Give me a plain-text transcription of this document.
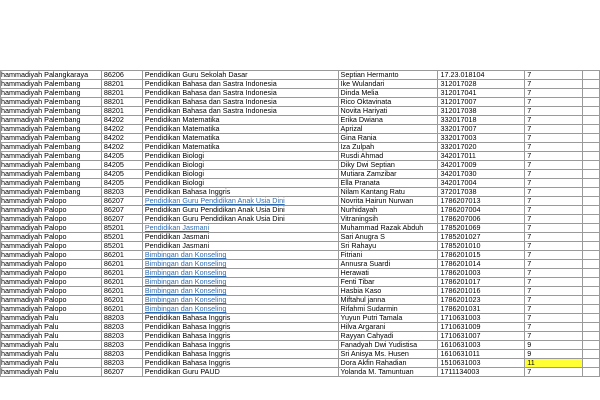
hammadiyah Palangkaraya	86206	Pendidikan Guru Sekolah Dasar	Septian Hermanto	17.23.018104	7	
hammadiyah Palembang	88201	Pendidikan Bahasa dan Sastra Indonesia	Ike Wulandari	312017028	7	
hammadiyah Palembang	88201	Pendidikan Bahasa dan Sastra Indonesia	Dinda Melia	312017041	7	
hammadiyah Palembang	88201	Pendidikan Bahasa dan Sastra Indonesia	Rico Oktavinata	312017007	7	
hammadiyah Palembang	88201	Pendidikan Bahasa dan Sastra Indonesia	Novita Hariyati	312017038	7	
hammadiyah Palembang	84202	Pendidikan Matematika	Erika Dwiana	332017018	7	
hammadiyah Palembang	84202	Pendidikan Matematika	Aprizal	332017007	7	
hammadiyah Palembang	84202	Pendidikan Matematika	Gina Rania	332017003	7	
hammadiyah Palembang	84202	Pendidikan Matematika	Iza Zulpah	332017020	7	
hammadiyah Palembang	84205	Pendidikan Biologi	Rusdi Ahmad	342017011	7	
hammadiyah Palembang	84205	Pendidikan Biologi	Diky Dwi Septian	342017009	7	
hammadiyah Palembang	84205	Pendidikan Biologi	Mutiara Zamzibar	342017030	7	
hammadiyah Palembang	84205	Pendidikan Biologi	Ella Pranata	342017004	7	
hammadiyah Palembang	88203	Pendidikan Bahasa Inggris	Nilam Kantang Ratu	372017038	7	
hammadiyah Palopo	86207	Pendidikan Guru Pendidikan Anak Usia Dini	Novrita Hairun Nurwan	1786207013	7	
hammadiyah Palopo	86207	Pendidikan Guru Pendidikan Anak Usia Dini	Nurhidayah	1786207004	7	
hammadiyah Palopo	86207	Pendidikan Guru Pendidikan Anak Usia Dini	Vitraningsih	1786207006	7	
hammadiyah Palopo	85201	Pendidikan Jasmani	Muhammad Razak Abduh	1785201069	7	
hammadiyah Palopo	85201	Pendidikan Jasmani	Sari Anugra S	1785201027	7	
hammadiyah Palopo	85201	Pendidikan Jasmani	Sri Rahayu	1785201010	7	
hammadiyah Palopo	86201	Bimbingan dan Konseling	Fitriani	1786201015	7	
hammadiyah Palopo	86201	Bimbingan dan Konseling	Annusra Suardi	1786201014	7	
hammadiyah Palopo	86201	Bimbingan dan Konseling	Herawati	1786201003	7	
hammadiyah Palopo	86201	Bimbingan dan Konseling	Fenti Tibar	1786201017	7	
hammadiyah Palopo	86201	Bimbingan dan Konseling	Hasbia Kaso	1786201016	7	
hammadiyah Palopo	86201	Bimbingan dan Konseling	Miftahul janna	1786201023	7	
hammadiyah Palopo	86201	Bimbingan dan Konseling	Rifahmi Sudarmin	1786201031	7	
hammadiyah Palu	88203	Pendidikan Bahasa Inggris	Yuyun Putri Tamala	1710631003	7	
hammadiyah Palu	88203	Pendidikan Bahasa Inggris	Hilva Argarani	1710631009	7	
hammadiyah Palu	88203	Pendidikan Bahasa Inggris	Rayyan Cahyadi	1710631007	7	
hammadiyah Palu	88203	Pendidikan Bahasa Inggris	Fanadyah Dwi Yudistisa	1610631003	9	
hammadiyah Palu	88203	Pendidikan Bahasa Inggris	Sri Anisya Ms. Husen	1610631011	9	
hammadiyah Palu	88203	Pendidikan Bahasa Inggris	Dora Akfin Rahadian	1510631003	11	
hammadiyah Palu	86207	Pendidikan Guru PAUD	Yolanda M. Tamuntuan	1711134003	7	
